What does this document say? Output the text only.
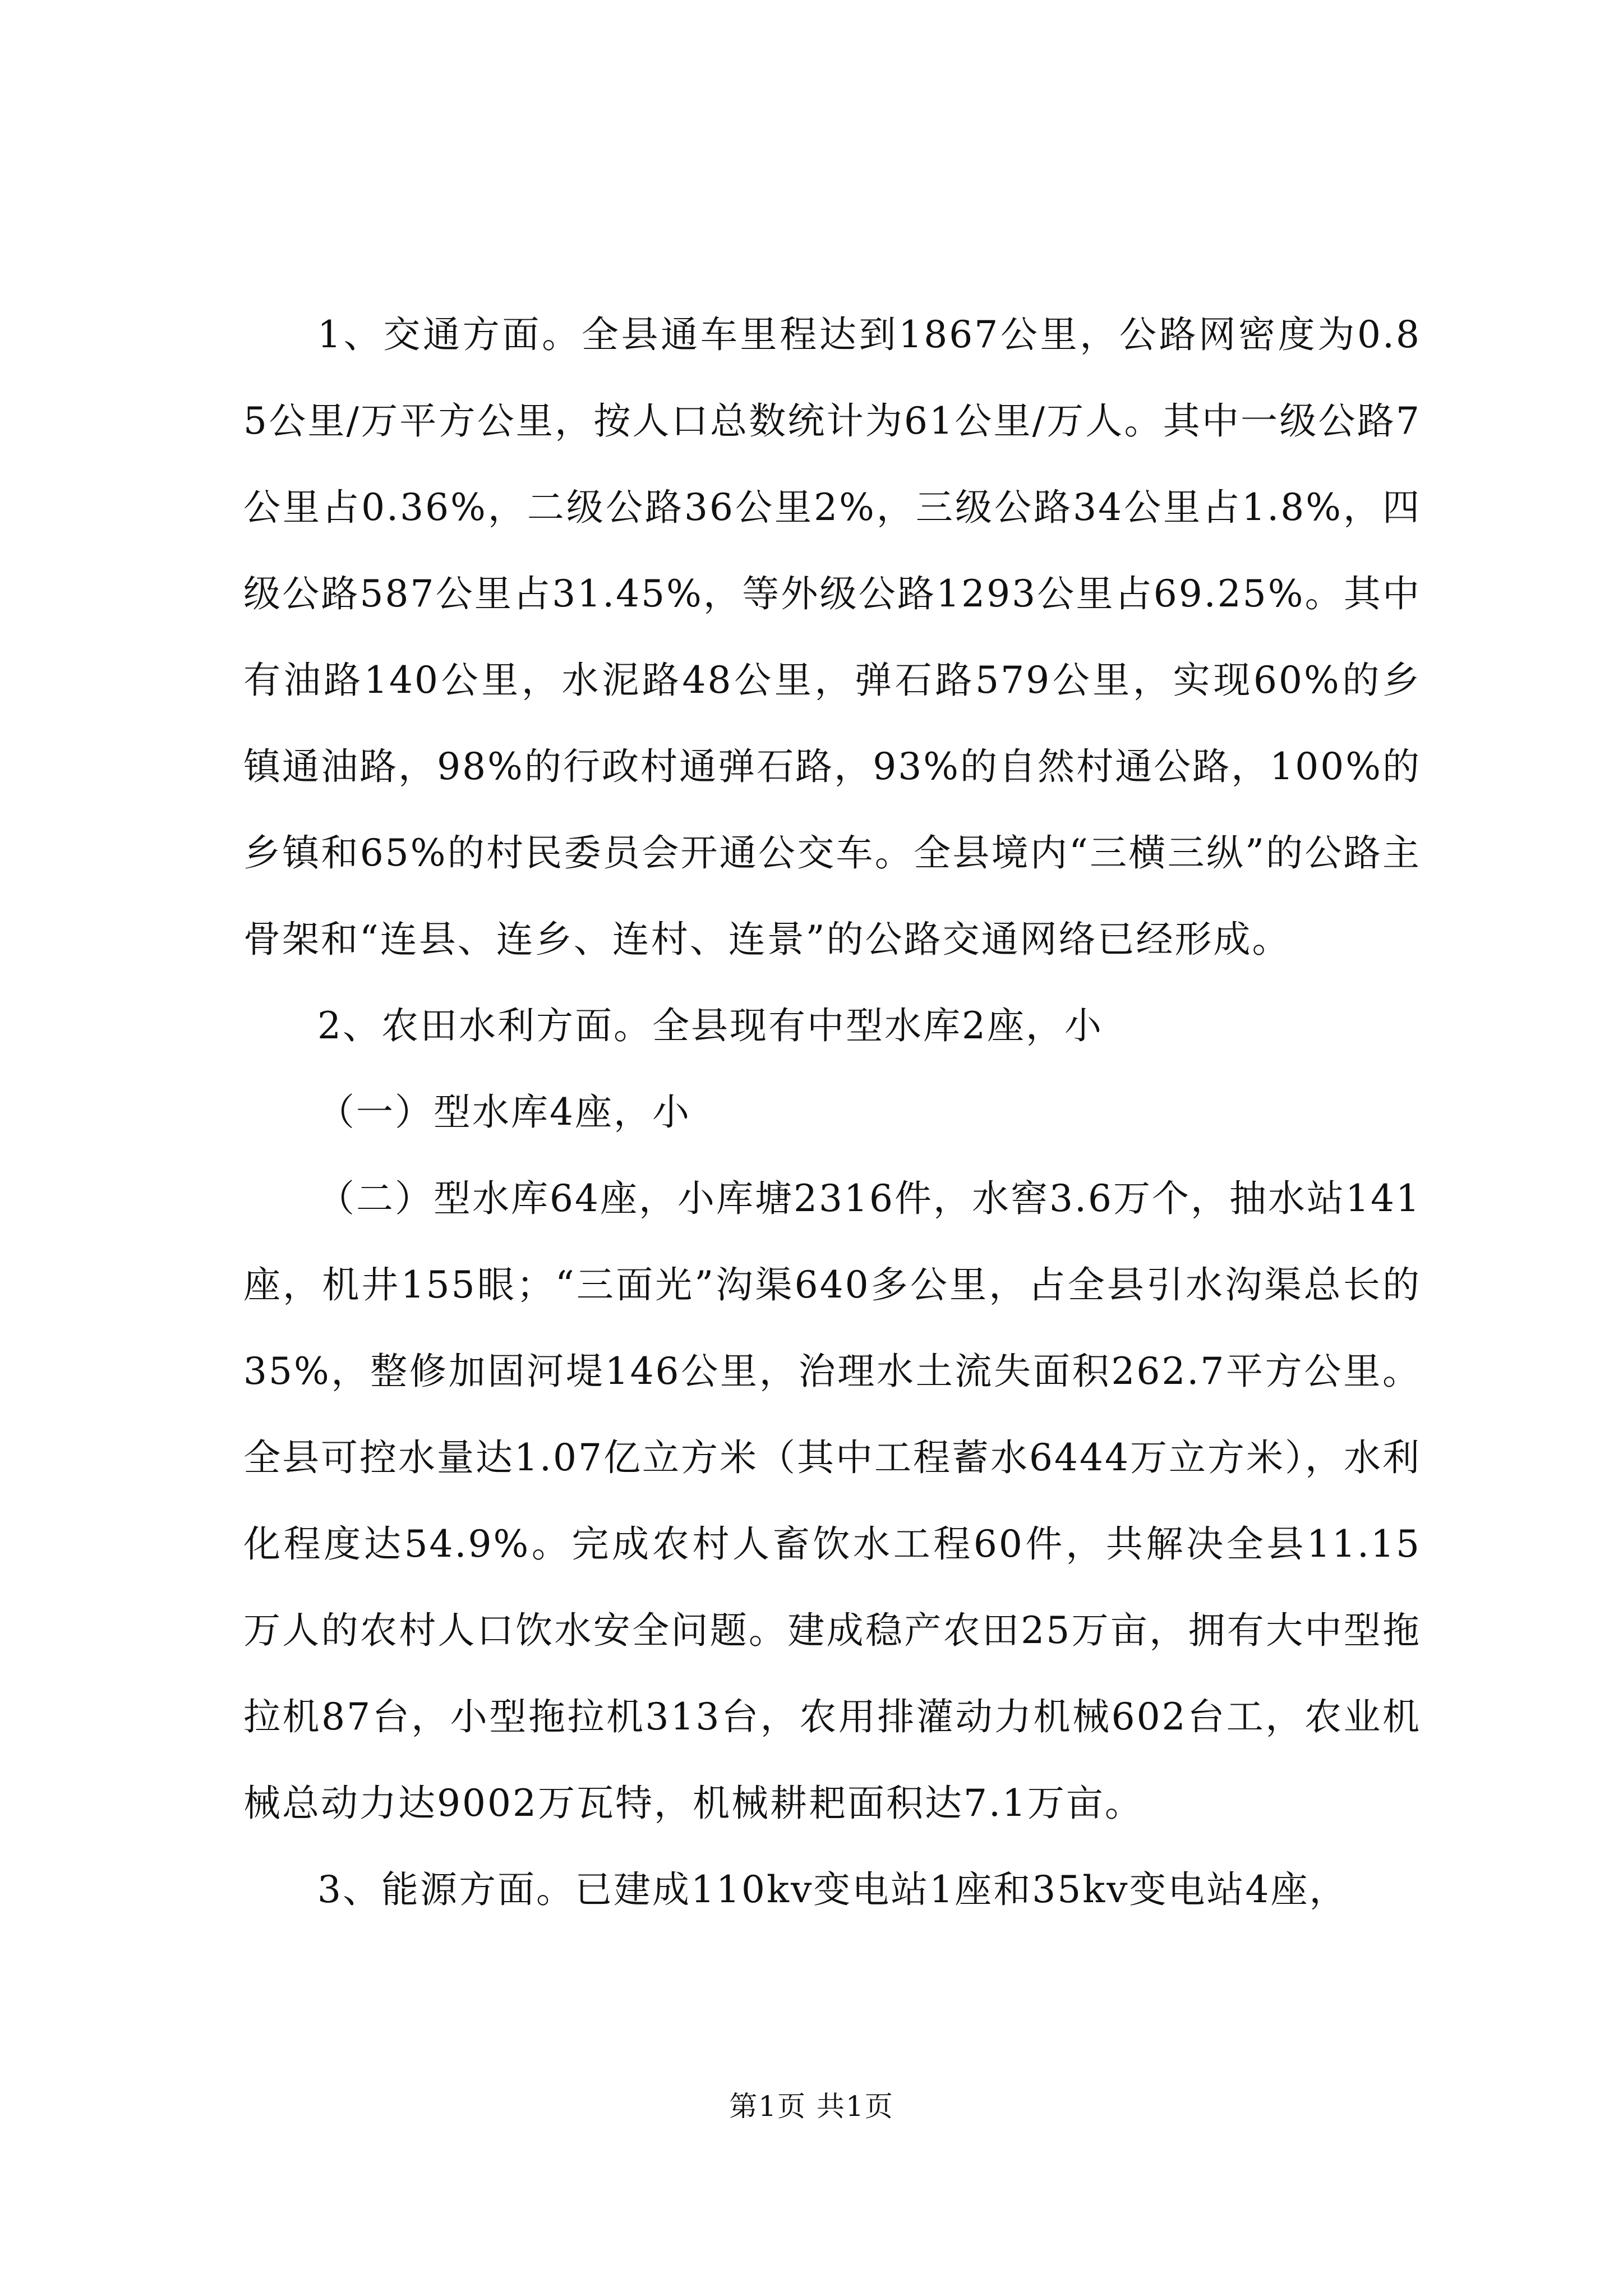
1、交通方面。全县通车里程达到1867公里，公路网密度为0.85公里/万平方公里，按人口总数统计为61公里/万人。其中一级公路7公里占0.36%，二级公路36公里2%，三级公路34公里占1.8%，四级公路587公里占31.45%，等外级公路1293公里占69.25%。其中有油路140公里，水泥路48公里，弹石路579公里，实现60%的乡镇通油路，98%的行政村通弹石路，93%的自然村通公路，100%的乡镇和65%的村民委员会开通公交车。全县境内“三横三纵”的公路主骨架和“连县、连乡、连村、连景”的公路交通网络已经形成。

2、农田水利方面。全县现有中型水库2座，小

（一）型水库4座，小

（二）型水库64座，小库塘2316件，水窖3.6万个，抽水站141座，机井155眼；“三面光”沟渠640多公里，占全县引水沟渠总长的35%，整修加固河堤146公里，治理水土流失面积262.7平方公里。全县可控水量达1.07亿立方米（其中工程蓄水6444万立方米），水利化程度达54.9%。完成农村人畜饮水工程60件，共解决全县11.15万人的农村人口饮水安全问题。建成稳产农田25万亩，拥有大中型拖拉机87台，小型拖拉机313台，农用排灌动力机械602台工，农业机械总动力达9002万瓦特，机械耕耙面积达7.1万亩。

3、能源方面。已建成110kv变电站1座和35kv变电站4座，

第1页 共1页
